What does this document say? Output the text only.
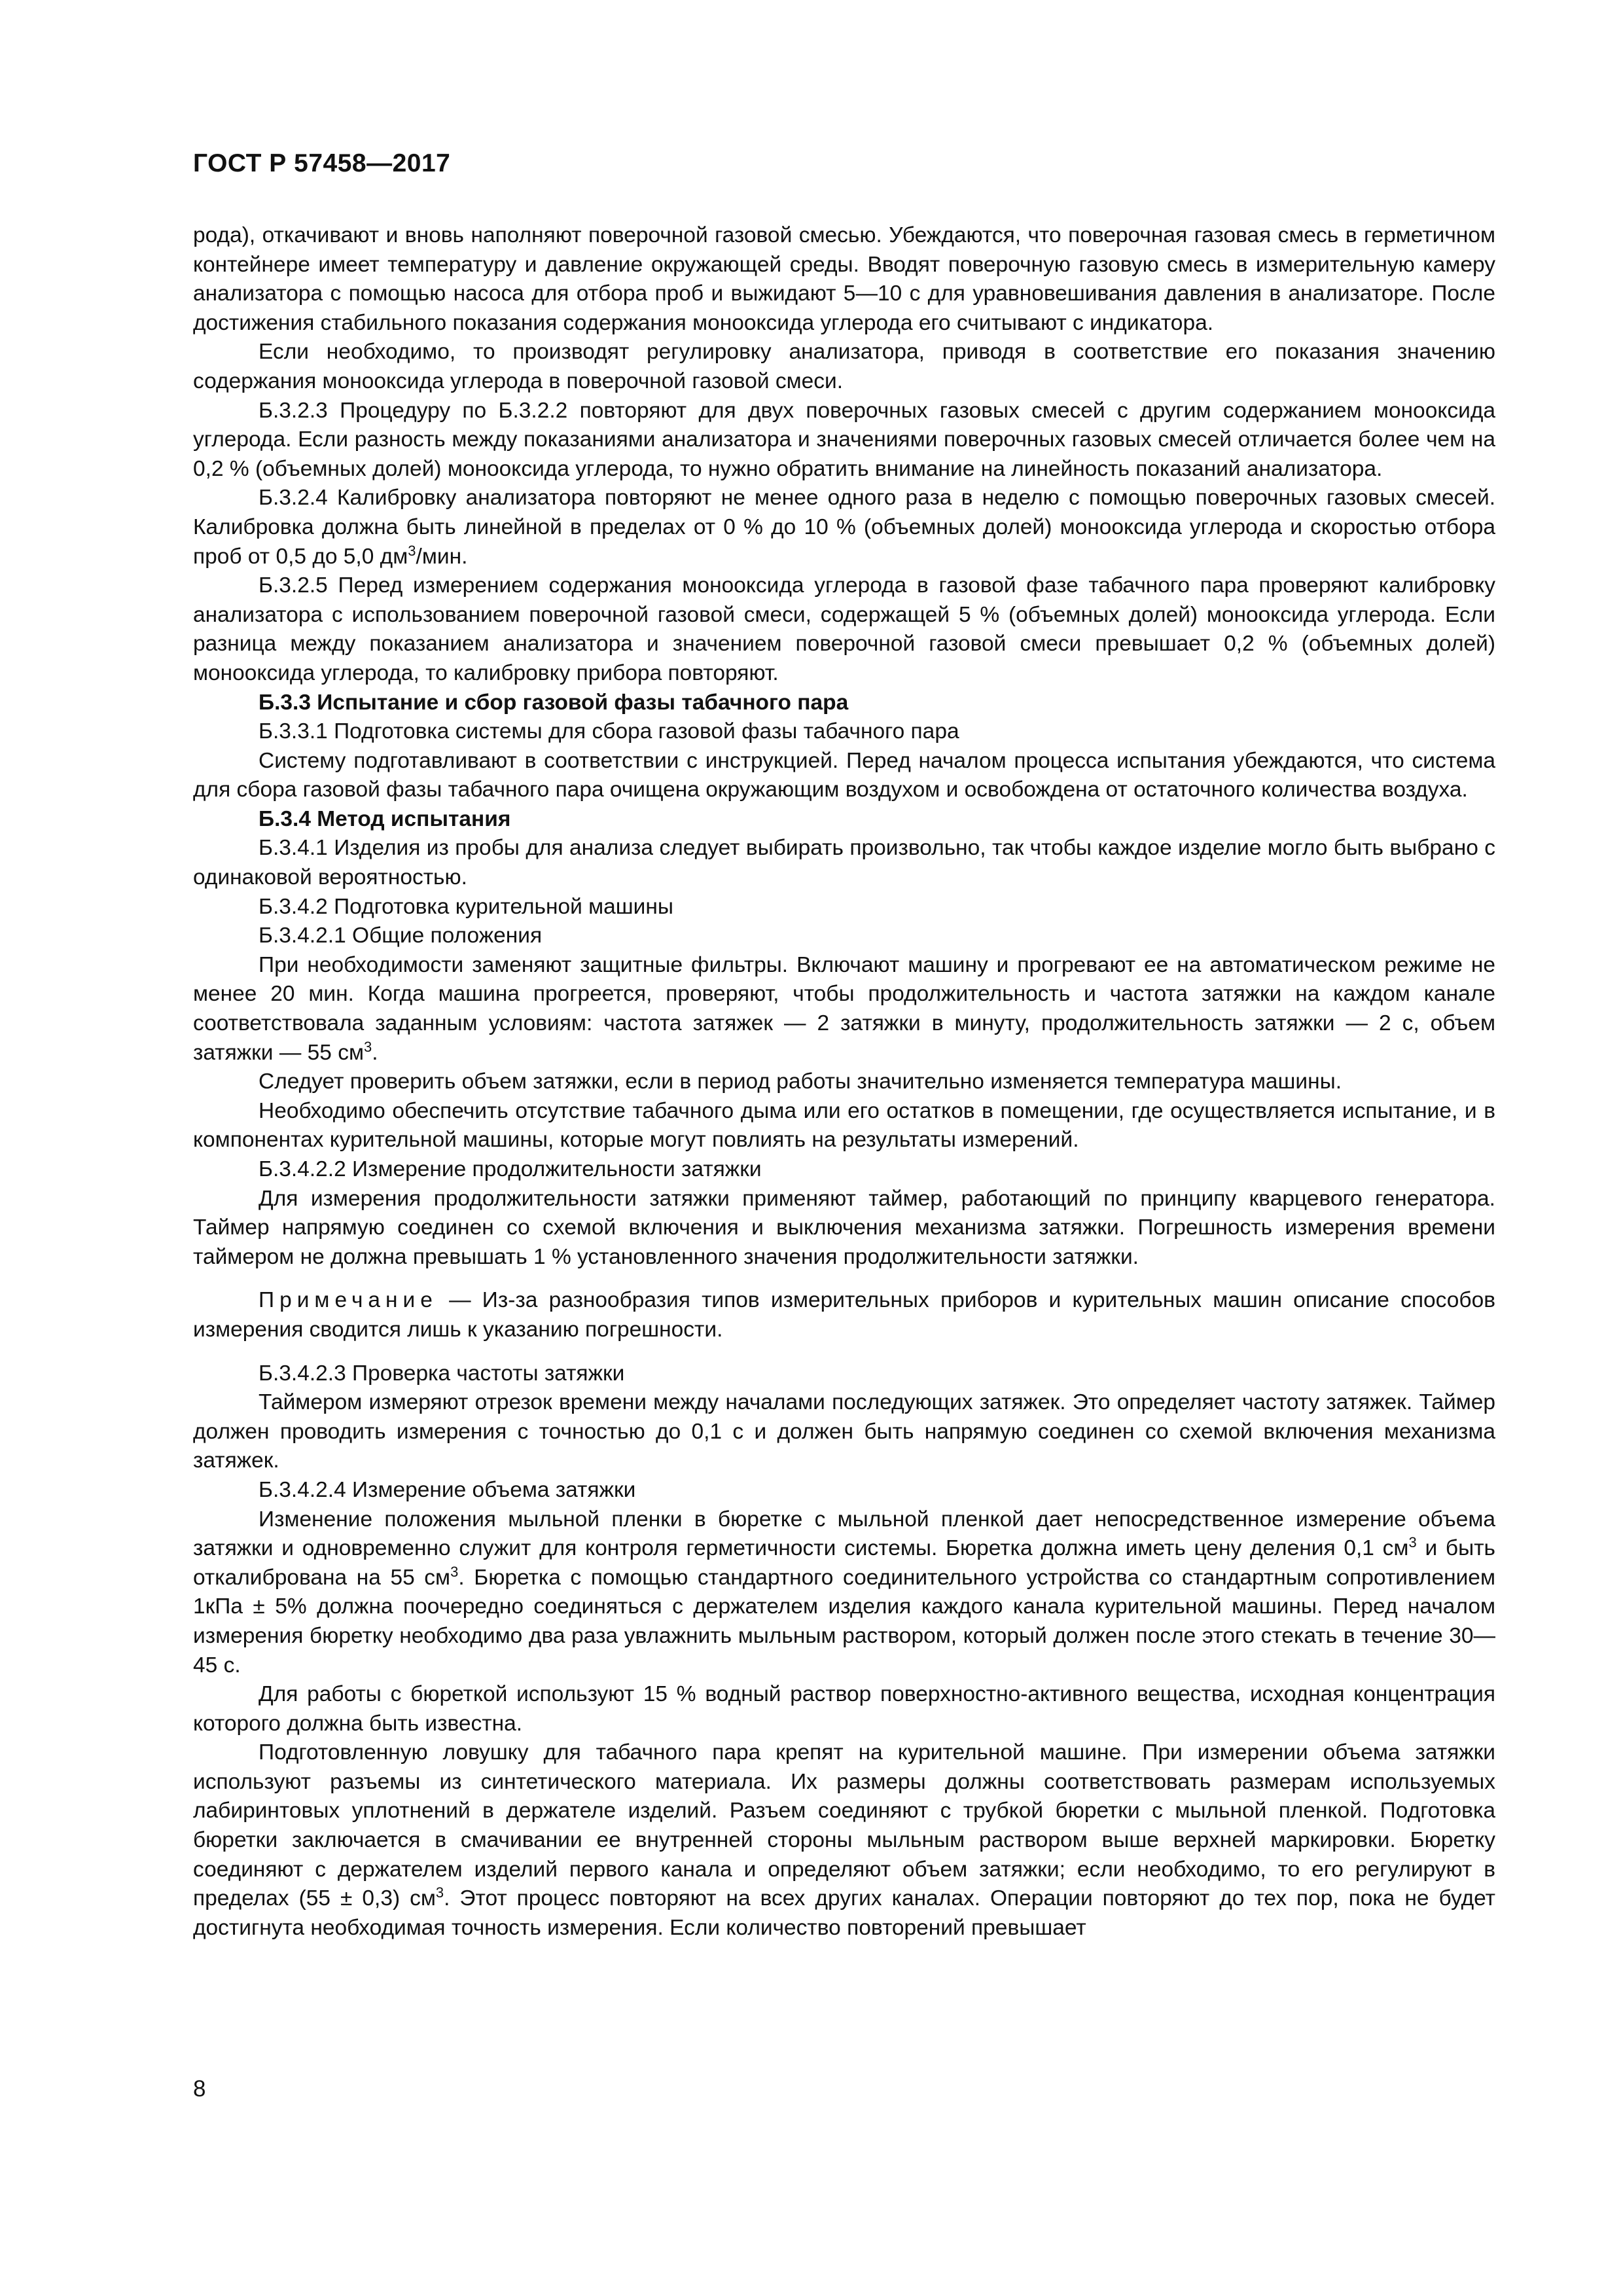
ГОСТ Р 57458—2017

рода), откачивают и вновь наполняют поверочной газовой смесью. Убеждаются, что поверочная газовая смесь в герметичном контейнере имеет температуру и давление окружающей среды. Вводят поверочную газовую смесь в измерительную камеру анализатора с помощью насоса для отбора проб и выжидают 5—10 с для уравновешивания давления в анализаторе. После достижения стабильного показания содержания монооксида углерода его считывают с индикатора.

Если необходимо, то производят регулировку анализатора, приводя в соответствие его показания значению содержания монооксида углерода в поверочной газовой смеси.

Б.3.2.3 Процедуру по Б.3.2.2 повторяют для двух поверочных газовых смесей с другим содержанием монооксида углерода. Если разность между показаниями анализатора и значениями поверочных газовых смесей отличается более чем на 0,2 % (объемных долей) монооксида углерода, то нужно обратить внимание на линейность показаний анализатора.

Б.3.2.4 Калибровку анализатора повторяют не менее одного раза в неделю с помощью поверочных газовых смесей. Калибровка должна быть линейной в пределах от 0 % до 10 % (объемных долей) монооксида углерода и скоростью отбора проб от 0,5 до 5,0 $дм^3$/мин.

Б.3.2.5 Перед измерением содержания монооксида углерода в газовой фазе табачного пара проверяют калибровку анализатора с использованием поверочной газовой смеси, содержащей 5 % (объемных долей) монооксида углерода. Если разница между показанием анализатора и значением поверочной газовой смеси превышает 0,2 % (объемных долей) монооксида углерода, то калибровку прибора повторяют.

Б.3.3 Испытание и сбор газовой фазы табачного пара

Б.3.3.1 Подготовка системы для сбора газовой фазы табачного пара

Систему подготавливают в соответствии с инструкцией. Перед началом процесса испытания убеждаются, что система для сбора газовой фазы табачного пара очищена окружающим воздухом и освобождена от остаточного количества воздуха.

Б.3.4 Метод испытания

Б.3.4.1 Изделия из пробы для анализа следует выбирать произвольно, так чтобы каждое изделие могло быть выбрано с одинаковой вероятностью.

Б.3.4.2 Подготовка курительной машины

Б.3.4.2.1 Общие положения

При необходимости заменяют защитные фильтры. Включают машину и прогревают ее на автоматическом режиме не менее 20 мин. Когда машина прогреется, проверяют, чтобы продолжительность и частота затяжки на каждом канале соответствовала заданным условиям: частота затяжек — 2 затяжки в минуту, продолжительность затяжки — 2 с, объем затяжки — 55 $см^3$.

Следует проверить объем затяжки, если в период работы значительно изменяется температура машины.

Необходимо обеспечить отсутствие табачного дыма или его остатков в помещении, где осуществляется испытание, и в компонентах курительной машины, которые могут повлиять на результаты измерений.

Б.3.4.2.2 Измерение продолжительности затяжки

Для измерения продолжительности затяжки применяют таймер, работающий по принципу кварцевого генератора. Таймер напрямую соединен со схемой включения и выключения механизма затяжки. Погрешность измерения времени таймером не должна превышать 1 % установленного значения продолжительности затяжки.

Примечание — Из-за разнообразия типов измерительных приборов и курительных машин описание способов измерения сводится лишь к указанию погрешности.

Б.3.4.2.3 Проверка частоты затяжки

Таймером измеряют отрезок времени между началами последующих затяжек. Это определяет частоту затяжек. Таймер должен проводить измерения с точностью до 0,1 с и должен быть напрямую соединен со схемой включения механизма затяжек.

Б.3.4.2.4 Измерение объема затяжки

Изменение положения мыльной пленки в бюретке с мыльной пленкой дает непосредственное измерение объема затяжки и одновременно служит для контроля герметичности системы. Бюретка должна иметь цену деления 0,1 $см^3$ и быть откалибрована на 55 $см^3$. Бюретка с помощью стандартного соединительного устройства со стандартным сопротивлением 1кПа ± 5% должна поочередно соединяться с держателем изделия каждого канала курительной машины. Перед началом измерения бюретку необходимо два раза увлажнить мыльным раствором, который должен после этого стекать в течение 30—45 с.

Для работы с бюреткой используют 15 % водный раствор поверхностно-активного вещества, исходная концентрация которого должна быть известна.

Подготовленную ловушку для табачного пара крепят на курительной машине. При измерении объема затяжки используют разъемы из синтетического материала. Их размеры должны соответствовать размерам используемых лабиринтовых уплотнений в держателе изделий. Разъем соединяют с трубкой бюретки с мыльной пленкой. Подготовка бюретки заключается в смачивании ее внутренней стороны мыльным раствором выше верхней маркировки. Бюретку соединяют с держателем изделий первого канала и определяют объем затяжки; если необходимо, то его регулируют в пределах (55 ± 0,3) $см^3$. Этот процесс повторяют на всех других каналах. Операции повторяют до тех пор, пока не будет достигнута необходимая точность измерения. Если количество повторений превышает

8
